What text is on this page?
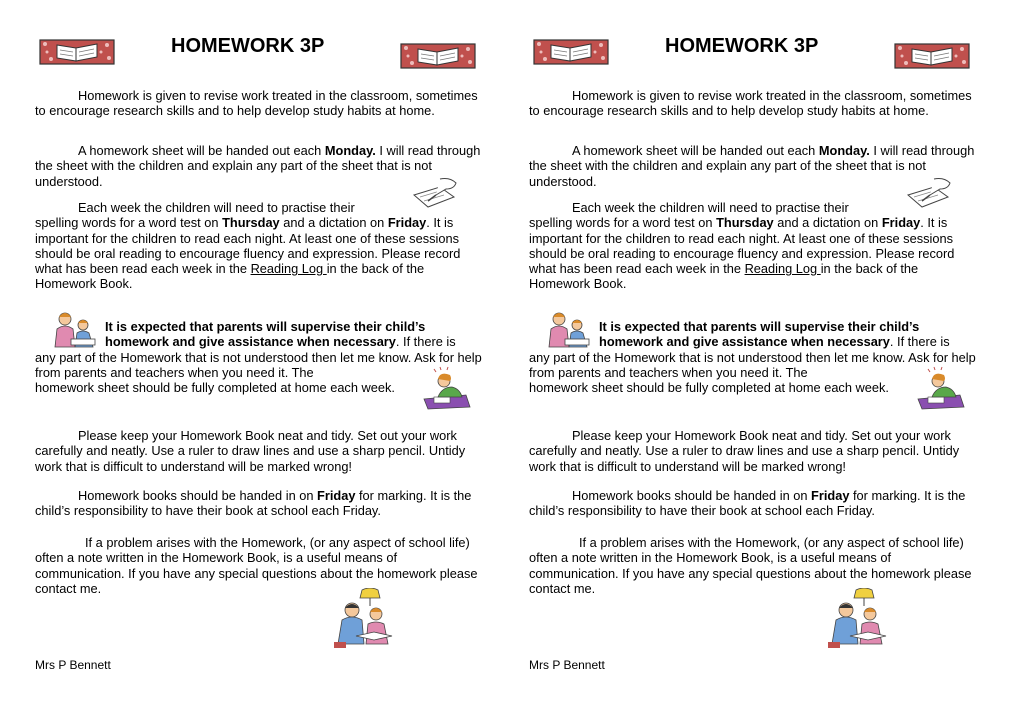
HOMEWORK 3P
Homework is given to revise work treated in the classroom, sometimes to encourage research skills and to help develop study habits at home.
A homework sheet will be handed out each Monday. I will read through the sheet with the children and explain any part of the sheet that is not understood.
Each week the children will need to practise their
spelling words for a word test on Thursday and a dictation on Friday. It is important for the children to read each night. At least one of these sessions should be oral reading to encourage fluency and expression. Please record what has been read each week in the Reading Log in the back of the Homework Book.
It is expected that parents will supervise their child’s
homework and give assistance when necessary. If there is
any part of the Homework that is not understood then let me know. Ask for help from parents and teachers when you need it. The
homework sheet should be fully completed at home each week.
Please keep your Homework Book neat and tidy. Set out your work carefully and neatly. Use a ruler to draw lines and use a sharp pencil. Untidy work that is difficult to understand will be marked wrong!
Homework books should be handed in on Friday for marking. It is the child’s responsibility to have their book at school each Friday.
If a problem arises with the Homework, (or any aspect of school life) often a note written in the Homework Book, is a useful means of communication. If you have any special questions about the homework please contact me.
Mrs P Bennett
HOMEWORK 3P
Homework is given to revise work treated in the classroom, sometimes to encourage research skills and to help develop study habits at home.
A homework sheet will be handed out each Monday. I will read through the sheet with the children and explain any part of the sheet that is not understood.
Each week the children will need to practise their
spelling words for a word test on Thursday and a dictation on Friday. It is important for the children to read each night. At least one of these sessions should be oral reading to encourage fluency and expression. Please record what has been read each week in the Reading Log in the back of the Homework Book.
It is expected that parents will supervise their child’s
homework and give assistance when necessary. If there is
any part of the Homework that is not understood then let me know. Ask for help from parents and teachers when you need it. The
homework sheet should be fully completed at home each week.
Please keep your Homework Book neat and tidy. Set out your work carefully and neatly. Use a ruler to draw lines and use a sharp pencil. Untidy work that is difficult to understand will be marked wrong!
Homework books should be handed in on Friday for marking. It is the child’s responsibility to have their book at school each Friday.
If a problem arises with the Homework, (or any aspect of school life) often a note written in the Homework Book, is a useful means of communication. If you have any special questions about the homework please contact me.
Mrs P Bennett
